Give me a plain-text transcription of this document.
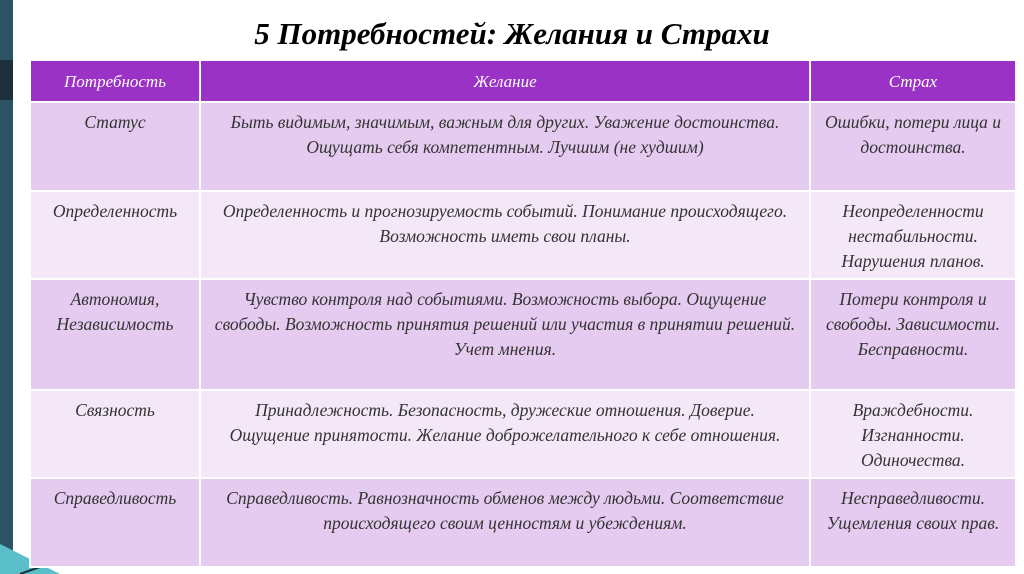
5 Потребностей: Желания и Страхи
Потребность	Желание	Страх
Статус	Быть видимым, значимым, важным для других. Уважение достоинства. Ощущать себя компетентным. Лучшим (не худшим)	Ошибки, потери лица и достоинства.
Определенность	Определенность и прогнозируемость событий. Понимание происходящего. Возможность иметь свои планы.	Неопределенности нестабильности. Нарушения планов.
Автономия, Независимость	Чувство контроля над событиями. Возможность выбора. Ощущение свободы. Возможность принятия решений или участия в принятии решений. Учет мнения.	Потери контроля и свободы. Зависимости. Бесправности.
Связность	Принадлежность. Безопасность, дружеские отношения. Доверие. Ощущение принятости. Желание доброжелательного к себе отношения.	Враждебности. Изгнанности. Одиночества.
Справедливость	Справедливость. Равнозначность обменов между людьми. Соответствие происходящего своим ценностям и убеждениям.	Несправедливости. Ущемления своих прав.
